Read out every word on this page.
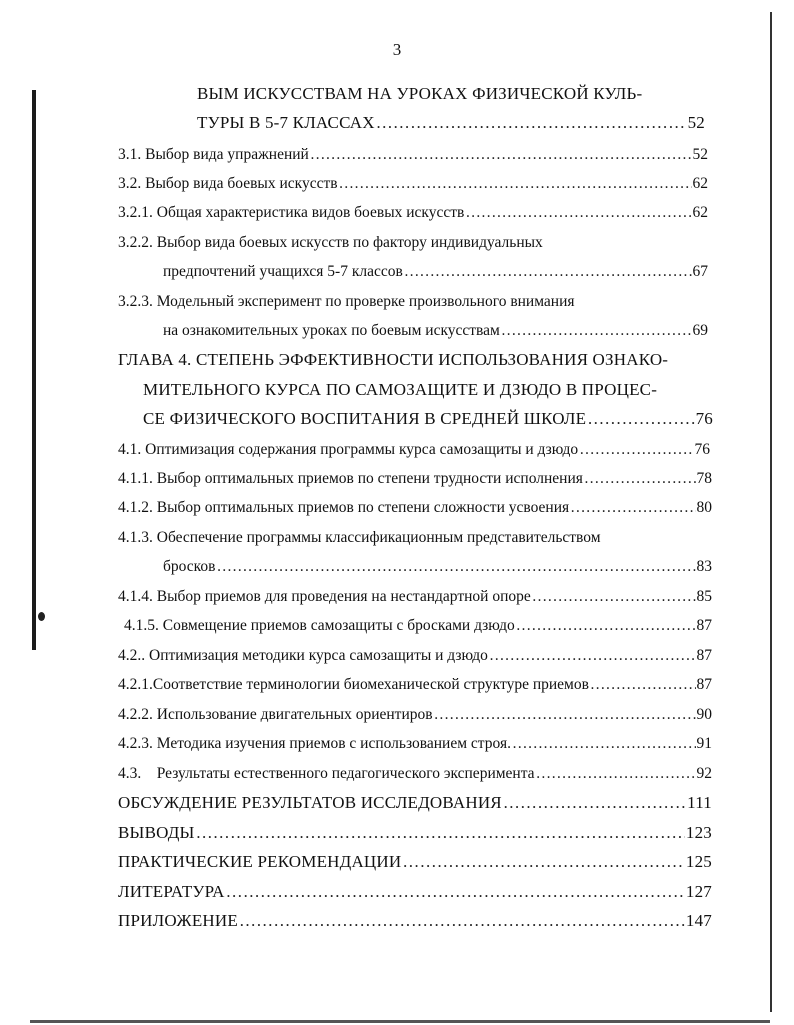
3
ВЫМ ИСКУССТВАМ НА УРОКАХ ФИЗИЧЕСКОЙ КУЛЬ-
ТУРЫ В 5-7 КЛАССАХ ……………………………………………………………………………………………………………………………………………………………………	52
3.1. Выбор вида упражнений ……………………………………………………………………………………………………………………………………………………………………	52
3.2. Выбор вида боевых искусств ……………………………………………………………………………………………………………………………………………………………………	62
3.2.1. Общая характеристика видов боевых искусств ……………………………………………………………………………………………………………………………………………………………………	62
3.2.2. Выбор вида боевых искусств по фактору индивидуальных
предпочтений учащихся 5-7 классов ……………………………………………………………………………………………………………………………………………………………………	67
3.2.3. Модельный эксперимент по проверке произвольного внимания
на ознакомительных уроках по боевым искусствам ……………………………………………………………………………………………………………………………………………………………………	69
ГЛАВА 4. СТЕПЕНЬ ЭФФЕКТИВНОСТИ ИСПОЛЬЗОВАНИЯ ОЗНАКО-
МИТЕЛЬНОГО КУРСА ПО САМОЗАЩИТЕ И ДЗЮДО В ПРОЦЕС-
СЕ ФИЗИЧЕСКОГО ВОСПИТАНИЯ В СРЕДНЕЙ ШКОЛЕ ……………………………………………………………………………………………………………………………………………………………………	76
4.1. Оптимизация содержания программы курса самозащиты и дзюдо ……………………………………………………………………………………………………………………………………………………………………	76
4.1.1. Выбор оптимальных приемов по степени трудности исполнения ……………………………………………………………………………………………………………………………………………………………………	78
4.1.2. Выбор оптимальных приемов по степени сложности усвоения ……………………………………………………………………………………………………………………………………………………………………	80
4.1.3. Обеспечение программы классификационным представительством
бросков ……………………………………………………………………………………………………………………………………………………………………	83
4.1.4. Выбор приемов для проведения на нестандартной опоре ……………………………………………………………………………………………………………………………………………………………………	85
4.1.5. Совмещение приемов самозащиты с бросками дзюдо ……………………………………………………………………………………………………………………………………………………………………	87
4.2.. Оптимизация методики курса самозащиты и дзюдо ……………………………………………………………………………………………………………………………………………………………………	87
4.2.1.Соответствие терминологии биомеханической структуре приемов ……………………………………………………………………………………………………………………………………………………………………	87
4.2.2. Использование двигательных ориентиров ……………………………………………………………………………………………………………………………………………………………………	90
4.2.3. Методика изучения приемов с использованием строя. ……………………………………………………………………………………………………………………………………………………………………	91
4.3.    Результаты естественного педагогического эксперимента ……………………………………………………………………………………………………………………………………………………………………	92
ОБСУЖДЕНИЕ РЕЗУЛЬТАТОВ ИССЛЕДОВАНИЯ ……………………………………………………………………………………………………………………………………………………………………	111
ВЫВОДЫ ……………………………………………………………………………………………………………………………………………………………………	123
ПРАКТИЧЕСКИЕ РЕКОМЕНДАЦИИ ……………………………………………………………………………………………………………………………………………………………………	125
ЛИТЕРАТУРА ……………………………………………………………………………………………………………………………………………………………………	127
ПРИЛОЖЕНИЕ ……………………………………………………………………………………………………………………………………………………………………	147
